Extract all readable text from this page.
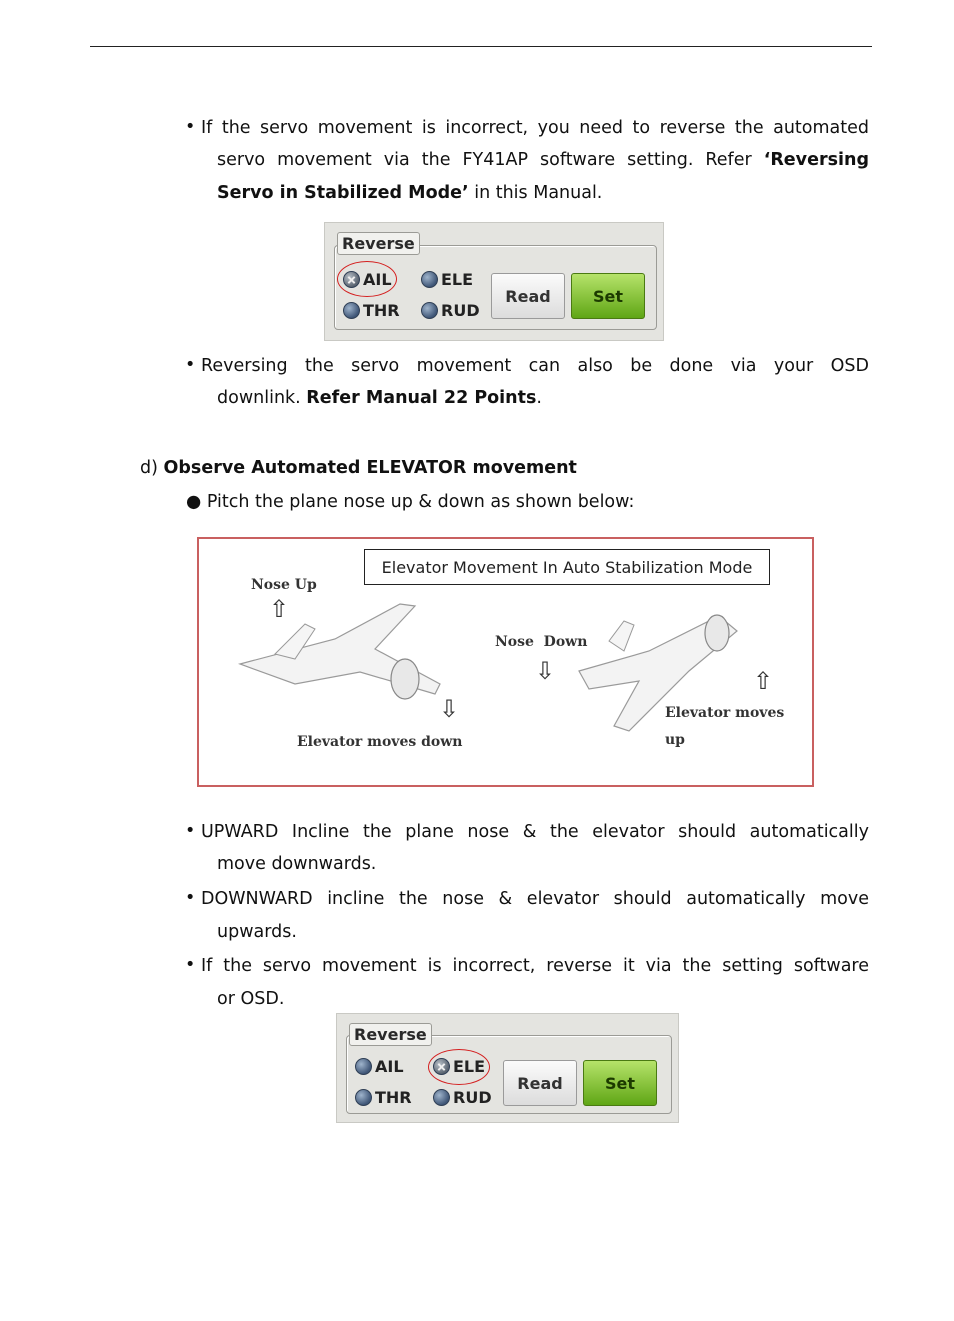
• If the servo movement is incorrect, you need to reverse the automated
servo movement via the FY41AP software setting. Refer ‘Reversing
Servo in Stabilized Mode’ in this Manual.
Reverse
AIL	ELE
THR	RUD
Read	Set
• Reversing the servo movement can also be done via your OSD
downlink. Refer Manual 22 Points.
d) Observe Automated ELEVATOR movement
● Pitch the plane nose up & down as shown below:
Elevator Movement In Auto Stabilization Mode
Nose Up
⇧
⇩
Elevator moves down
Nose  Down
⇩	⇧
Elevator moves
up
• UPWARD Incline the plane nose & the elevator should automatically
move downwards.
• DOWNWARD incline the nose & elevator should automatically move
upwards.
• If the servo movement is incorrect, reverse it via the setting software
or OSD.
Reverse
AIL	ELE
THR	RUD
Read	Set
